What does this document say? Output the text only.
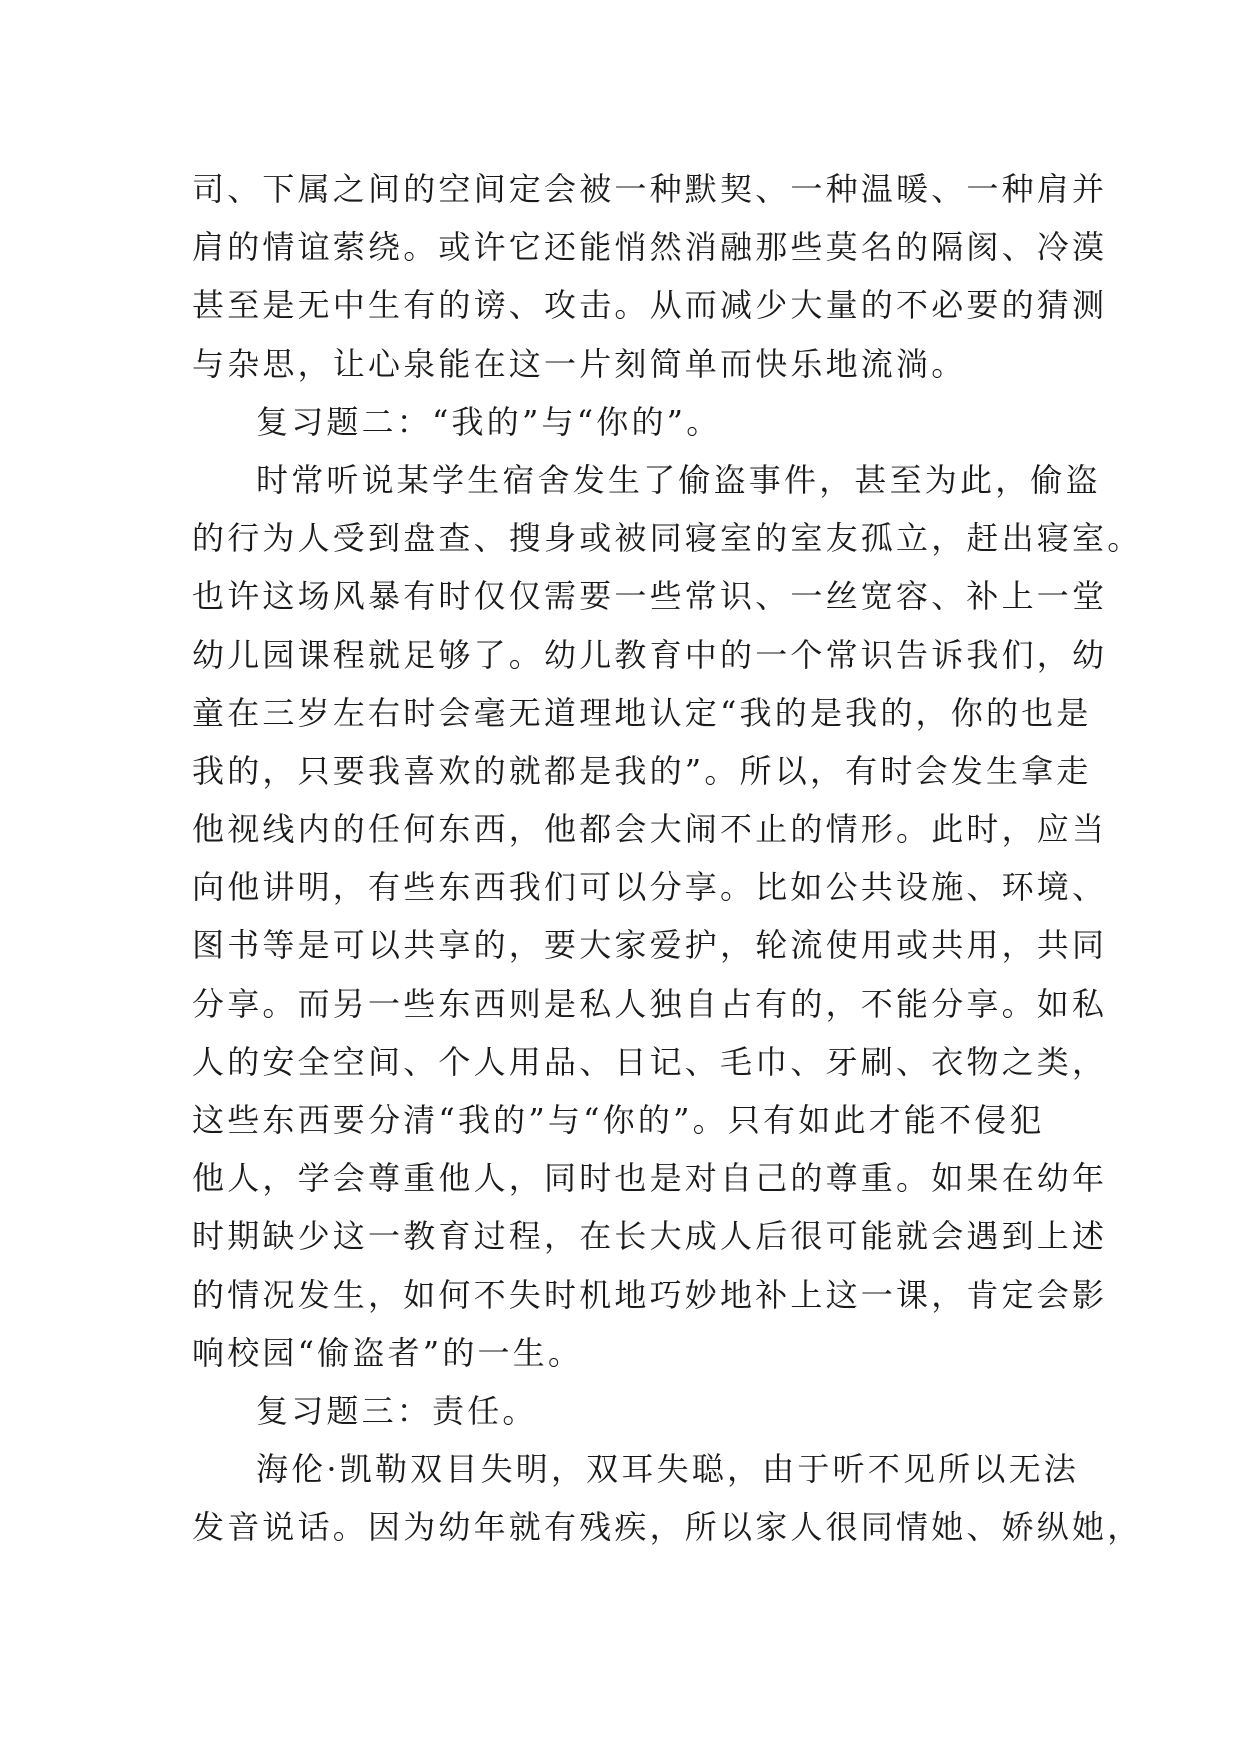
司、下属之间的空间定会被一种默契、一种温暖、一种肩并
肩的情谊萦绕。或许它还能悄然消融那些莫名的隔阂、冷漠
甚至是无中生有的谤、攻击。从而减少大量的不必要的猜测
与杂思，让心泉能在这一片刻简单而快乐地流淌。
复习题二：“我的”与“你的”。
时常听说某学生宿舍发生了偷盗事件，甚至为此，偷盗
的行为人受到盘查、搜身或被同寝室的室友孤立，赶出寝室。
也许这场风暴有时仅仅需要一些常识、一丝宽容、补上一堂
幼儿园课程就足够了。幼儿教育中的一个常识告诉我们，幼
童在三岁左右时会毫无道理地认定“我的是我的，你的也是
我的，只要我喜欢的就都是我的”。所以，有时会发生拿走
他视线内的任何东西，他都会大闹不止的情形。此时，应当
向他讲明，有些东西我们可以分享。比如公共设施、环境、
图书等是可以共享的，要大家爱护，轮流使用或共用，共同
分享。而另一些东西则是私人独自占有的，不能分享。如私
人的安全空间、个人用品、日记、毛巾、牙刷、衣物之类，
这些东西要分清“我的”与“你的”。只有如此才能不侵犯
他人，学会尊重他人，同时也是对自己的尊重。如果在幼年
时期缺少这一教育过程，在长大成人后很可能就会遇到上述
的情况发生，如何不失时机地巧妙地补上这一课，肯定会影
响校园“偷盗者”的一生。
复习题三：责任。
海伦·凯勒双目失明，双耳失聪，由于听不见所以无法
发音说话。因为幼年就有残疾，所以家人很同情她、娇纵她，
